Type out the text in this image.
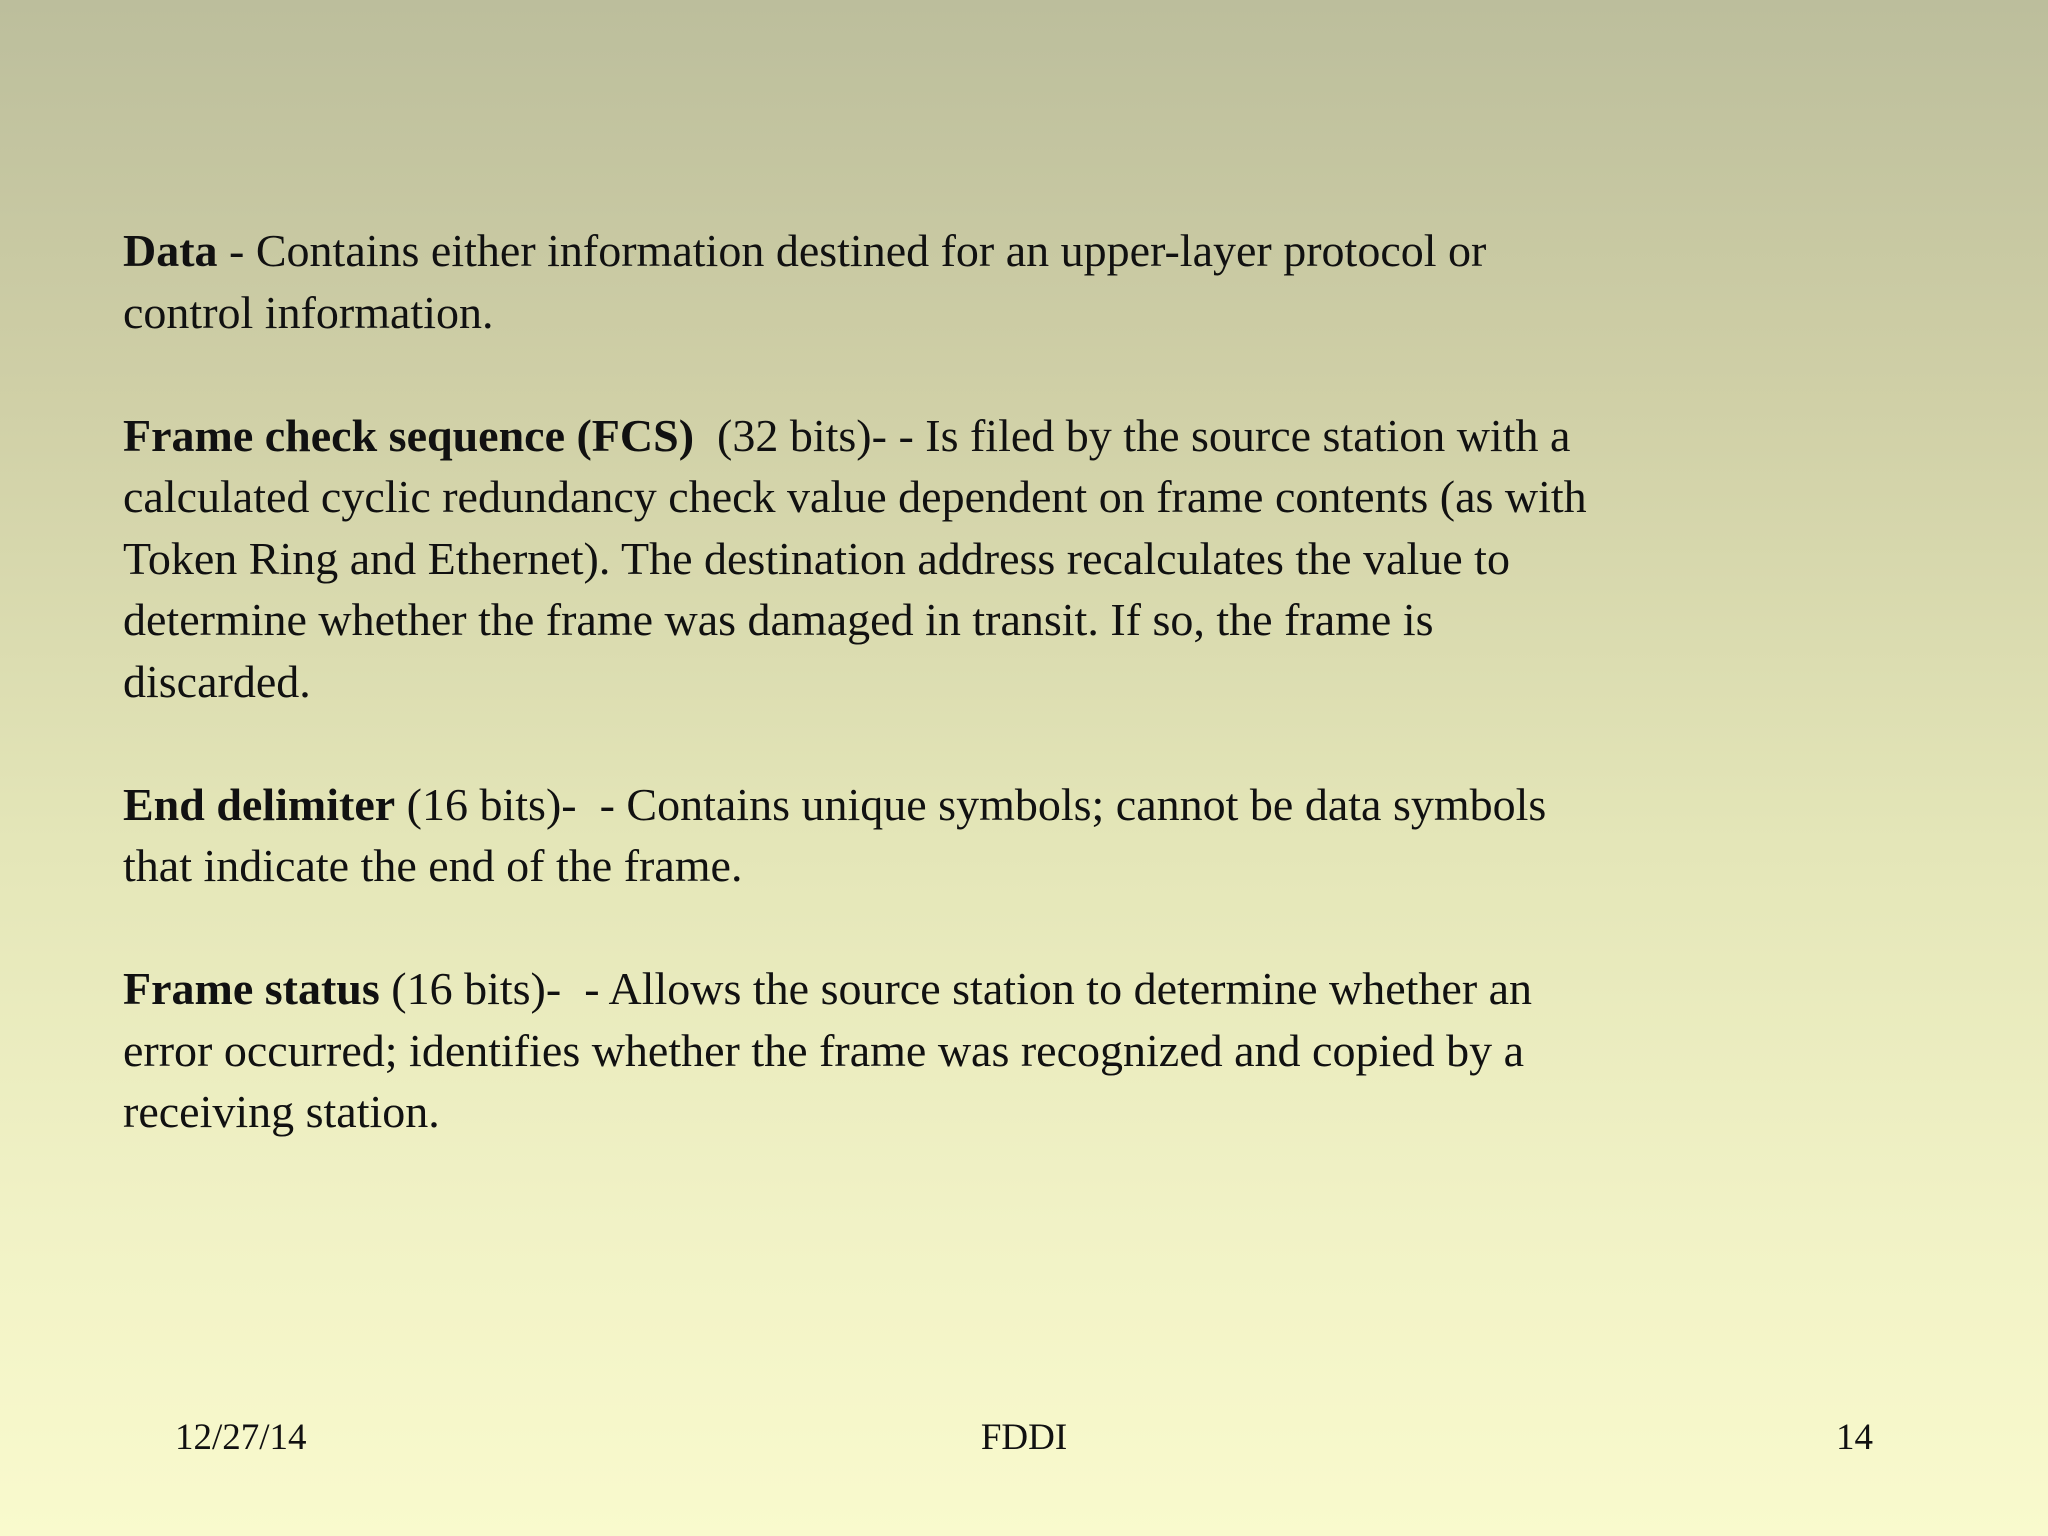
Data - Contains either information destined for an upper-layer protocol or
control information.

Frame check sequence (FCS)  (32 bits)- - Is filed by the source station with a
calculated cyclic redundancy check value dependent on frame contents (as with
Token Ring and Ethernet). The destination address recalculates the value to
determine whether the frame was damaged in transit. If so, the frame is
discarded.

End delimiter (16 bits)-  - Contains unique symbols; cannot be data symbols
that indicate the end of the frame.

Frame status (16 bits)-  - Allows the source station to determine whether an
error occurred; identifies whether the frame was recognized and copied by a
receiving station.

12/27/14	FDDI	14
